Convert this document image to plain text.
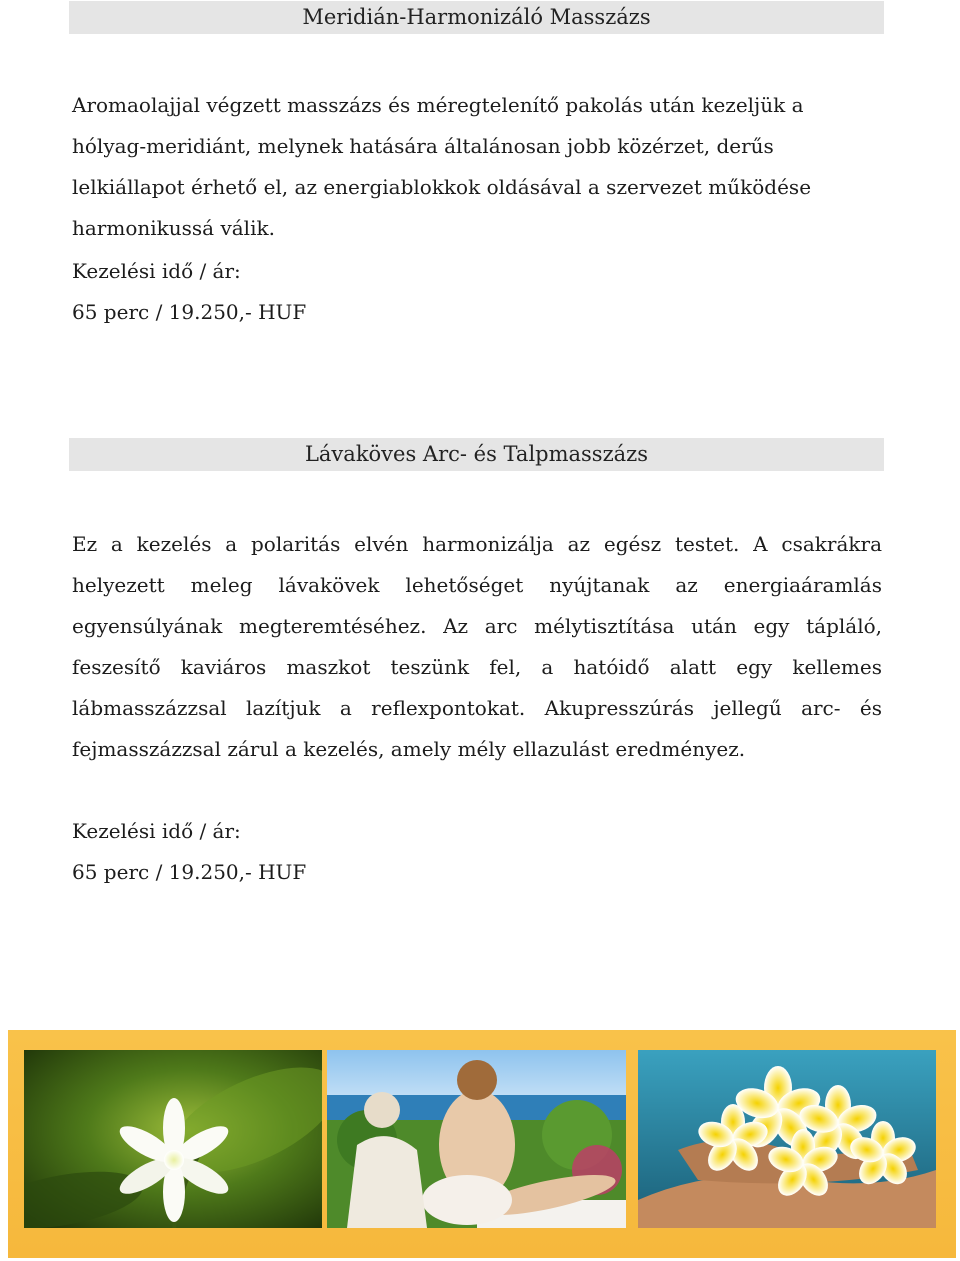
Meridián-Harmonizáló Masszázs

Aromaolajjal végzett masszázs és méregtelenítő pakolás után kezeljük a hólyag-meridiánt, melynek hatására általánosan jobb közérzet, derűs lelkiállapot érhető el, az energiablokkok oldásával a szervezet működése harmonikussá válik.

Kezelési idő / ár:

65 perc / 19.250,- HUF

Lávaköves Arc- és Talpmasszázs

Ez a kezelés a polaritás elvén harmonizálja az egész testet. A csakrákra helyezett meleg lávakövek lehetőséget nyújtanak az energiaáramlás egyensúlyának megteremtéséhez. Az arc mélytisztítása után egy tápláló, feszesítő kaviáros maszkot teszünk fel, a hatóidő alatt egy kellemes lábmasszázzsal lazítjuk a reflexpontokat. Akupresszúrás jellegű arc- és fejmasszázzsal zárul a kezelés, amely mély ellazulást eredményez.

Kezelési idő / ár:

65 perc / 19.250,- HUF
